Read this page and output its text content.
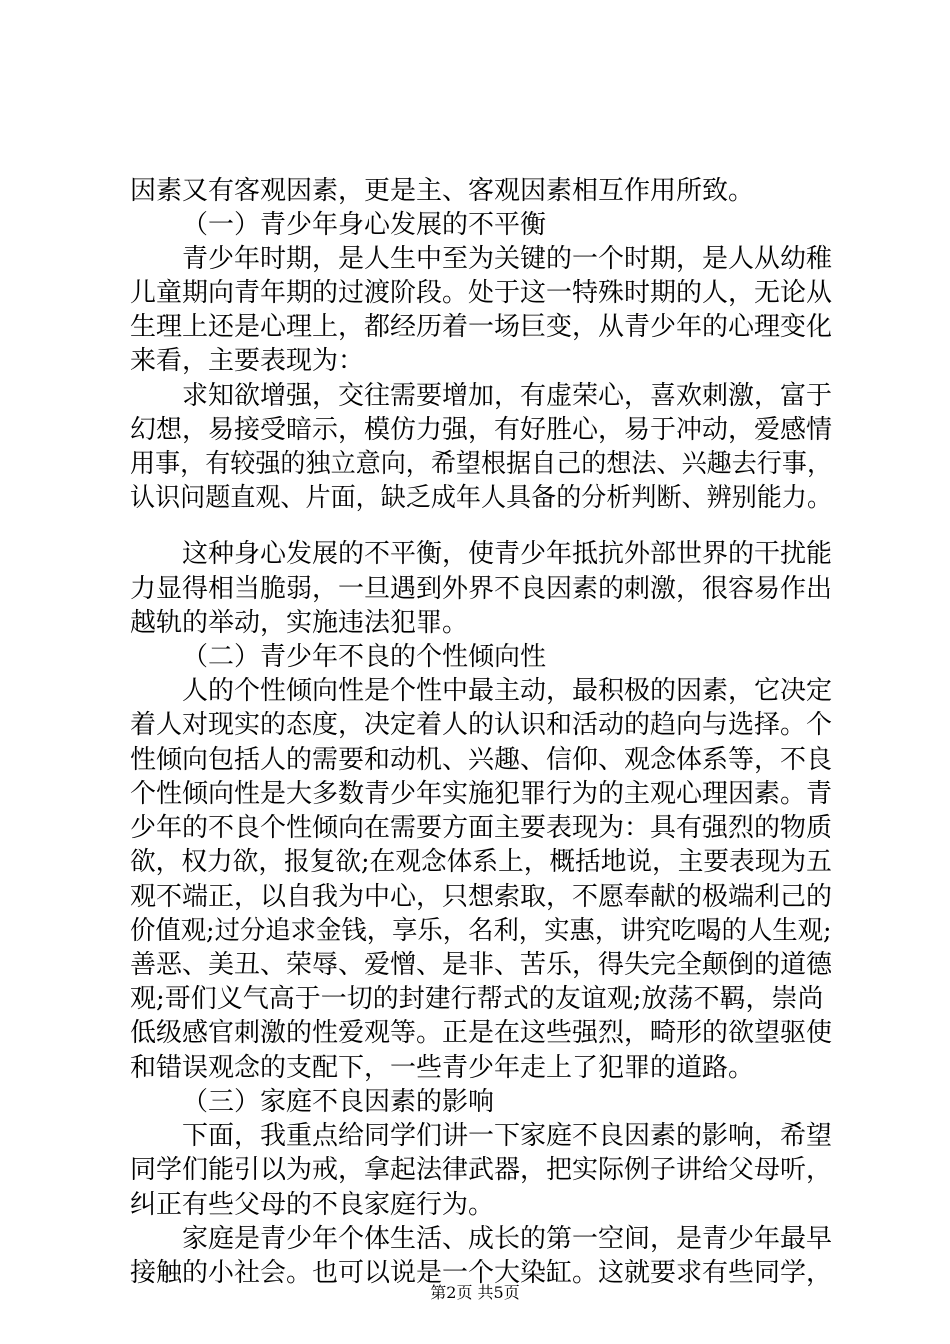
因素又有客观因素，更是主、客观因素相互作用所致。
（一）青少年身心发展的不平衡
青少年时期，是人生中至为关键的一个时期，是人从幼稚
儿童期向青年期的过渡阶段。处于这一特殊时期的人，无论从
生理上还是心理上，都经历着一场巨变，从青少年的心理变化
来看，主要表现为：
求知欲增强，交往需要增加，有虚荣心，喜欢刺激，富于
幻想，易接受暗示，模仿力强，有好胜心，易于冲动，爱感情
用事，有较强的独立意向，希望根据自己的想法、兴趣去行事，
认识问题直观、片面，缺乏成年人具备的分析判断、辨别能力。
这种身心发展的不平衡，使青少年抵抗外部世界的干扰能
力显得相当脆弱，一旦遇到外界不良因素的刺激，很容易作出
越轨的举动，实施违法犯罪。
（二）青少年不良的个性倾向性
人的个性倾向性是个性中最主动，最积极的因素，它决定
着人对现实的态度，决定着人的认识和活动的趋向与选择。个
性倾向包括人的需要和动机、兴趣、信仰、观念体系等，不良
个性倾向性是大多数青少年实施犯罪行为的主观心理因素。青
少年的不良个性倾向在需要方面主要表现为：具有强烈的物质
欲，权力欲，报复欲;在观念体系上，概括地说，主要表现为五
观不端正，以自我为中心，只想索取，不愿奉献的极端利己的
价值观;过分追求金钱，享乐，名利，实惠，讲究吃喝的人生观;
善恶、美丑、荣辱、爱憎、是非、苦乐，得失完全颠倒的道德
观;哥们义气高于一切的封建行帮式的友谊观;放荡不羁，崇尚
低级感官刺激的性爱观等。正是在这些强烈，畸形的欲望驱使
和错误观念的支配下，一些青少年走上了犯罪的道路。
（三）家庭不良因素的影响
下面，我重点给同学们讲一下家庭不良因素的影响，希望
同学们能引以为戒，拿起法律武器，把实际例子讲给父母听，
纠正有些父母的不良家庭行为。
家庭是青少年个体生活、成长的第一空间，是青少年最早
接触的小社会。也可以说是一个大染缸。这就要求有些同学，
第2页 共5页
